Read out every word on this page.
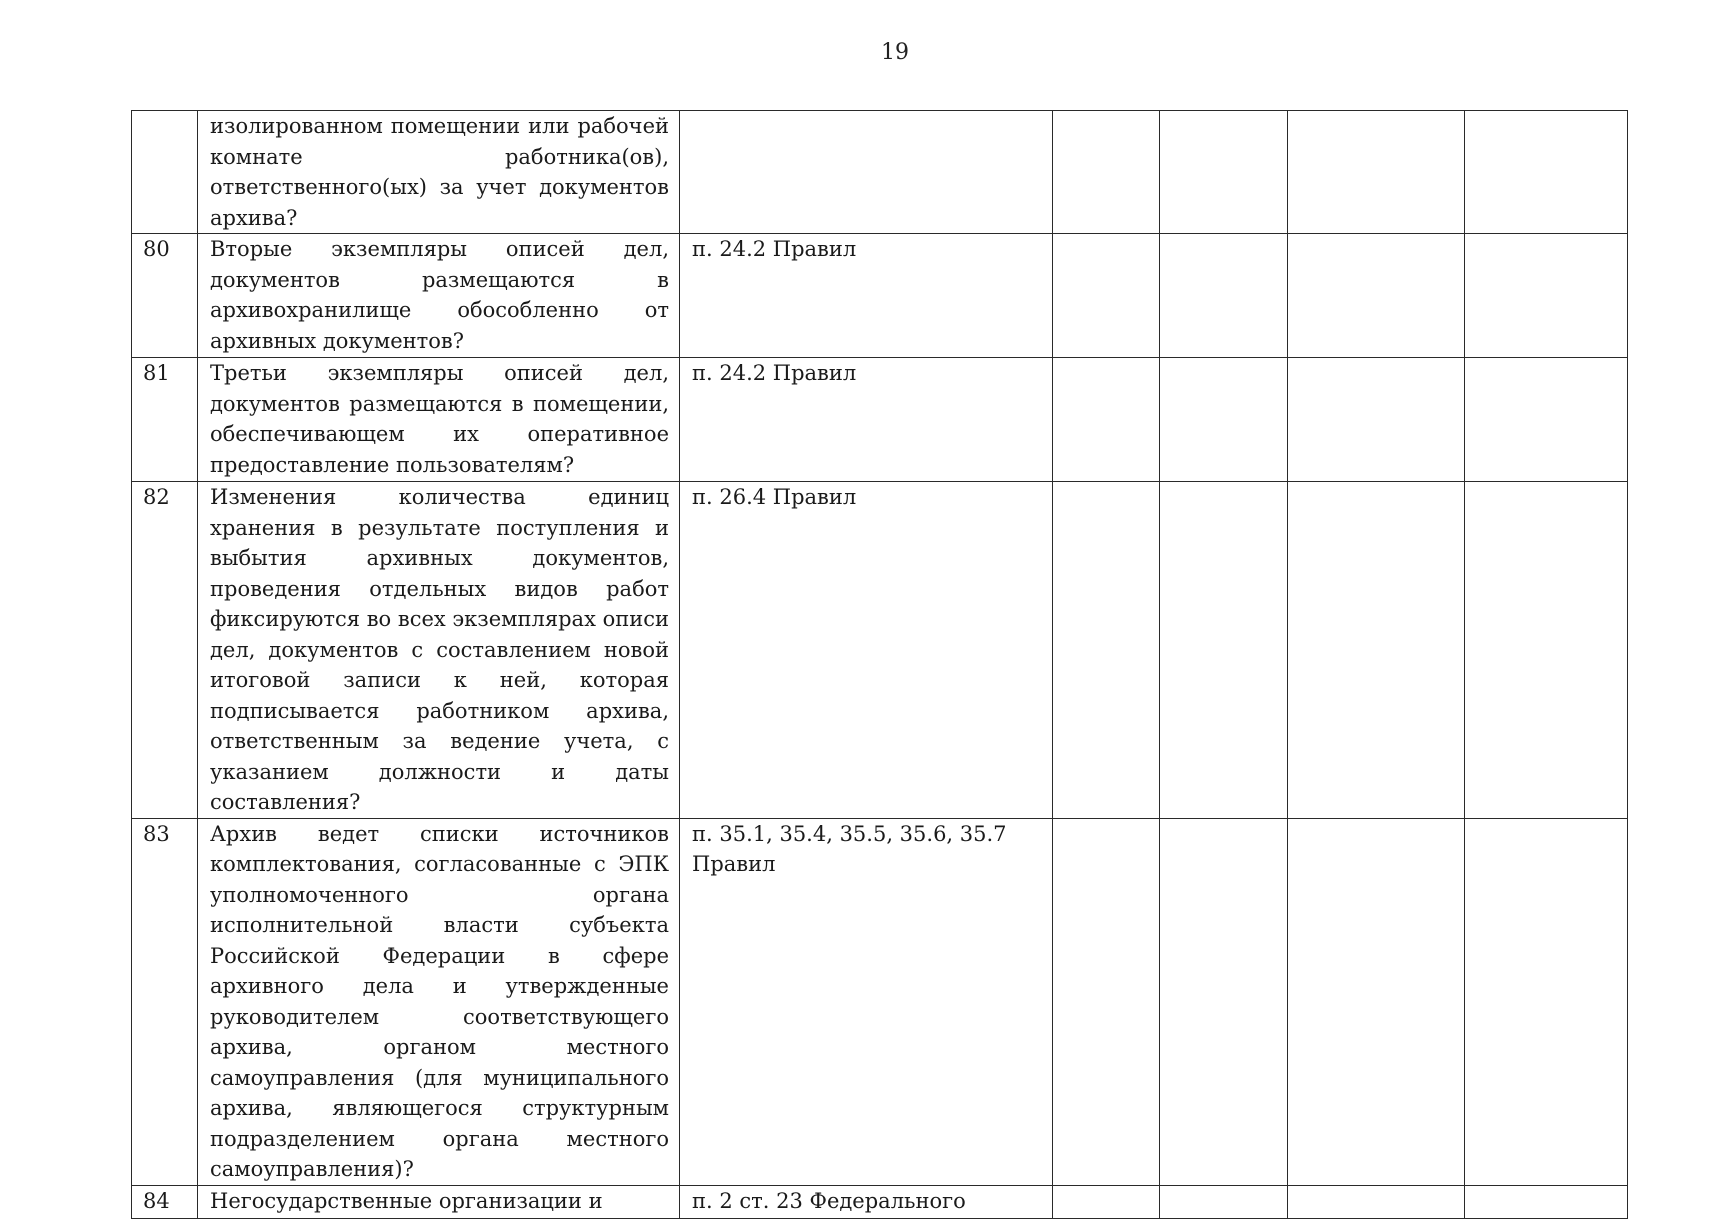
19
	изолированном помещении или рабочей комнате работника(ов), ответственного(ых) за учет документов архива?					
80	Вторые экземпляры описей дел, документов размещаются в архивохранилище обособленно от архивных документов?	п. 24.2 Правил				
81	Третьи экземпляры описей дел, документов размещаются в помещении, обеспечивающем их оперативное предоставление пользователям?	п. 24.2 Правил				
82	Изменения количества единиц хранения в результате поступления и выбытия архивных документов, проведения отдельных видов работ фиксируются во всех экземплярах описи дел, документов с составлением новой итоговой записи к ней, которая подписывается работником архива, ответственным за ведение учета, с указанием должности и даты составления?	п. 26.4 Правил				
83	Архив ведет списки источников комплектования, согласованные с ЭПК уполномоченного органа исполнительной власти субъекта Российской Федерации в сфере архивного дела и утвержденные руководителем соответствующего архива, органом местного самоуправления (для муниципального архива, являющегося структурным подразделением органа местного самоуправления)?	п. 35.1, 35.4, 35.5, 35.6, 35.7 Правил				
84	Негосударственные организации и	п. 2 ст. 23 Федерального				
